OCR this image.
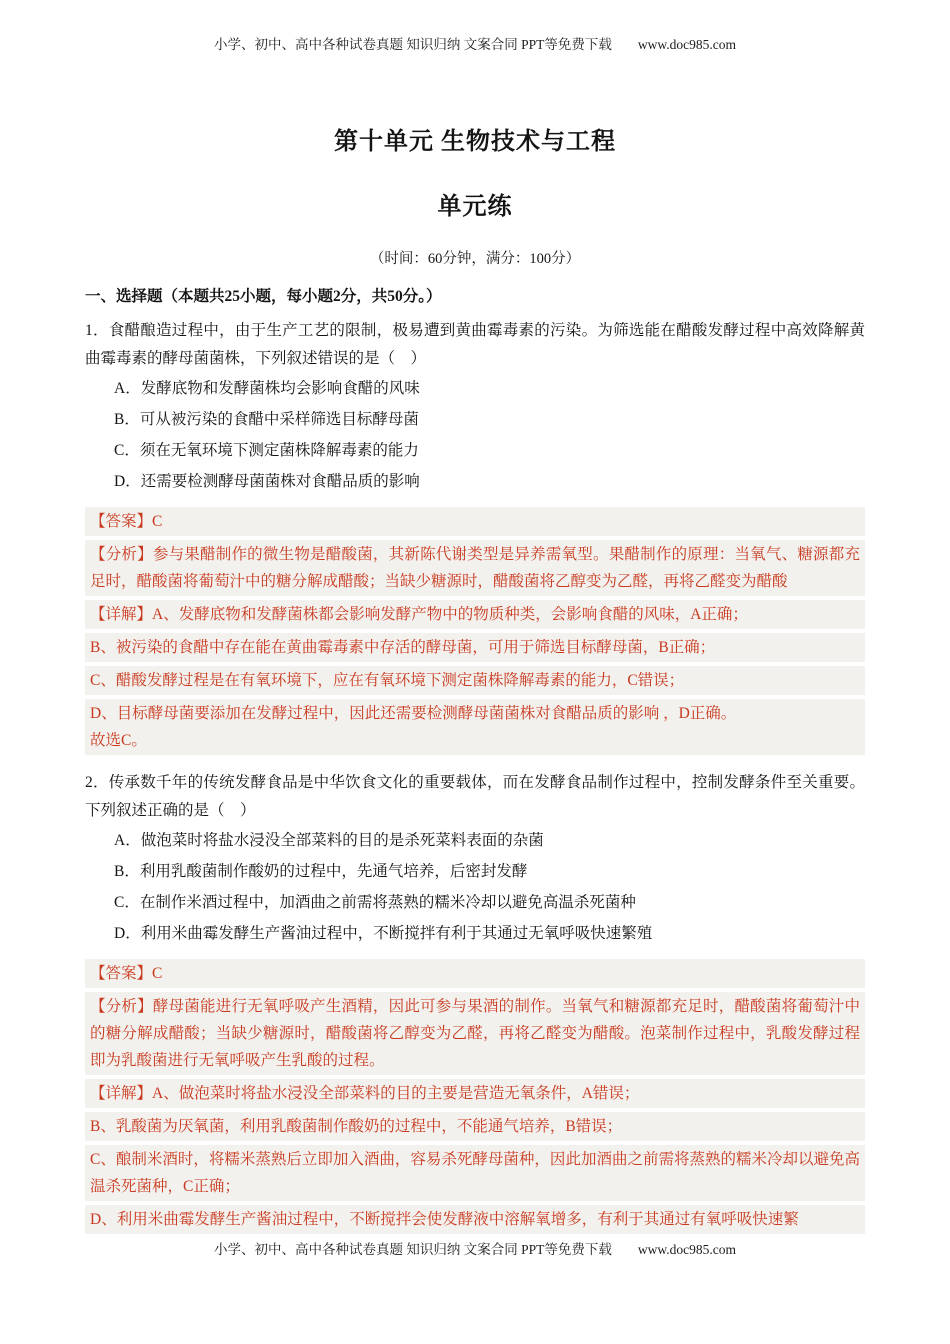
小学、初中、高中各种试卷真题 知识归纳 文案合同 PPT等免费下载 www.doc985.com
第十单元 生物技术与工程
单元练

（时间：60分钟，满分：100分）

一、选择题（本题共25小题，每小题2分，共50分。）

1．食醋酿造过程中，由于生产工艺的限制，极易遭到黄曲霉毒素的污染。为筛选能在醋酸发酵过程中高效降解黄曲霉毒素的酵母菌菌株，下列叙述错误的是（　）

A．发酵底物和发酵菌株均会影响食醋的风味

B．可从被污染的食醋中采样筛选目标酵母菌

C．须在无氧环境下测定菌株降解毒素的能力

D．还需要检测酵母菌菌株对食醋品质的影响

【答案】C
【分析】参与果醋制作的微生物是醋酸菌，其新陈代谢类型是异养需氧型。果醋制作的原理：当氧气、糖源都充足时，醋酸菌将葡萄汁中的糖分解成醋酸；当缺少糖源时，醋酸菌将乙醇变为乙醛，再将乙醛变为醋酸
【详解】A、发酵底物和发酵菌株都会影响发酵产物中的物质种类，会影响食醋的风味，A正确；
B、被污染的食醋中存在能在黄曲霉毒素中存活的酵母菌，可用于筛选目标酵母菌，B正确；
C、醋酸发酵过程是在有氧环境下，应在有氧环境下测定菌株降解毒素的能力，C错误；
D、目标酵母菌要添加在发酵过程中，因此还需要检测酵母菌菌株对食醋品质的影响 ，D正确。
故选C。

2．传承数千年的传统发酵食品是中华饮食文化的重要载体，而在发酵食品制作过程中，控制发酵条件至关重要。下列叙述正确的是（　）

A．做泡菜时将盐水浸没全部菜料的目的是杀死菜料表面的杂菌

B．利用乳酸菌制作酸奶的过程中，先通气培养，后密封发酵

C．在制作米酒过程中，加酒曲之前需将蒸熟的糯米冷却以避免高温杀死菌种

D．利用米曲霉发酵生产酱油过程中，不断搅拌有利于其通过无氧呼吸快速繁殖

【答案】C
【分析】酵母菌能进行无氧呼吸产生酒精，因此可参与果酒的制作。当氧气和糖源都充足时，醋酸菌将葡萄汁中的糖分解成醋酸；当缺少糖源时，醋酸菌将乙醇变为乙醛，再将乙醛变为醋酸。泡菜制作过程中，乳酸发酵过程即为乳酸菌进行无氧呼吸产生乳酸的过程。
【详解】A、做泡菜时将盐水浸没全部菜料的目的主要是营造无氧条件，A错误；
B、乳酸菌为厌氧菌，利用乳酸菌制作酸奶的过程中，不能通气培养，B错误；
C、酿制米酒时，将糯米蒸熟后立即加入酒曲，容易杀死酵母菌种，因此加酒曲之前需将蒸熟的糯米冷却以避免高温杀死菌种，C正确；
D、利用米曲霉发酵生产酱油过程中，不断搅拌会使发酵液中溶解氧增多，有利于其通过有氧呼吸快速繁
小学、初中、高中各种试卷真题 知识归纳 文案合同 PPT等免费下载 www.doc985.com
